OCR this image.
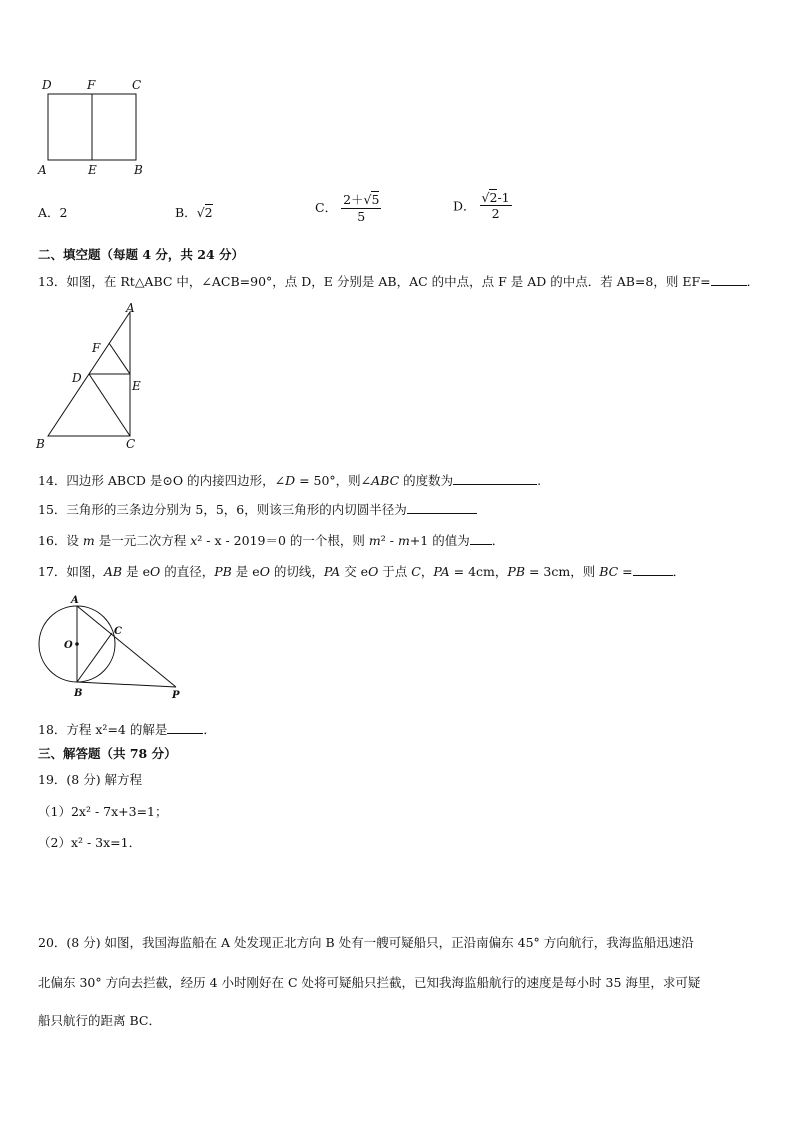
D	F	C
A	E	B
A．2	B．√2	C． $\frac{2+√5}{5}$	D． $\frac{√2-1}{2}$
二、填空题（每题 4 分，共 24 分）
13．如图，在 Rt△ABC 中，∠ACB=90°，点 D，E 分别是 AB，AC 的中点，点 F 是 AD 的中点．若 AB=8，则 EF=	．
A
F
D
E
B	C
14．四边形 ABCD 是⊙O 的内接四边形，∠D = 50°，则∠ABC 的度数为	.
15．三角形的三条边分别为 5，5，6，则该三角形的内切圆半径为
16．设 m 是一元二次方程 x² - x - 2019＝0 的一个根，则 m² - m+1 的值为 ．
17．如图，AB 是 eO 的直径，PB 是 eO 的切线，PA 交 eO 于点 C，PA = 4cm，PB = 3cm，则 BC =	．
A
O
C
B	P
18．方程 x²=4 的解是	．
三、解答题（共 78 分）
19．(8 分) 解方程
（1）2x² - 7x+3=1；
（2）x² - 3x=1．
20．(8 分) 如图，我国海监船在 A 处发现正北方向 B 处有一艘可疑船只，正沿南偏东 45° 方向航行，我海监船迅速沿
北偏东 30° 方向去拦截，经历 4 小时刚好在 C 处将可疑船只拦截，已知我海监船航行的速度是每小时 35 海里，求可疑
船只航行的距离 BC．
